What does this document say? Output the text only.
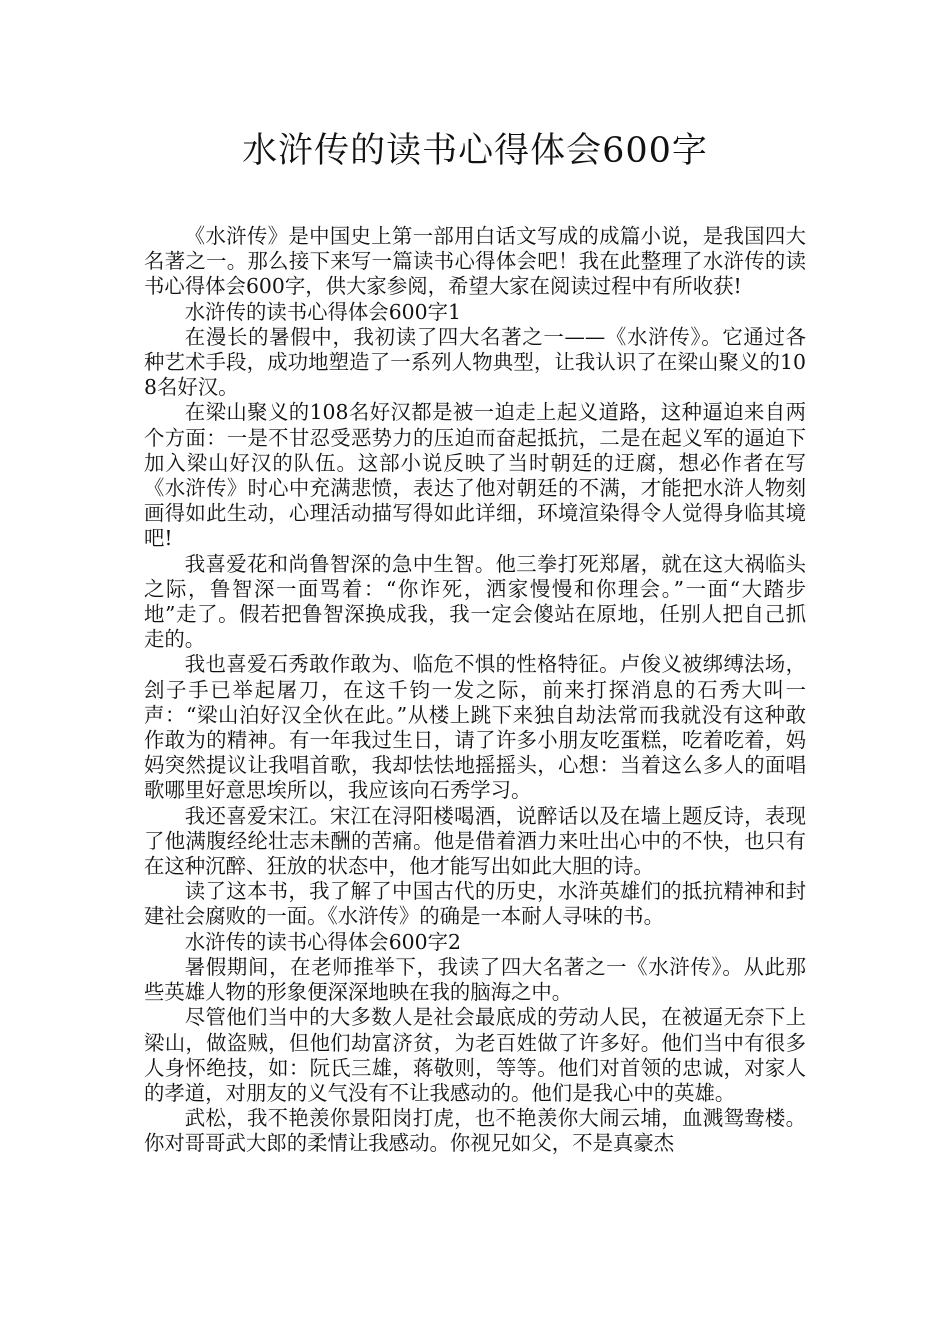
水浒传的读书心得体会600字

《水浒传》是中国史上第一部用白话文写成的成篇小说，是我国四大名著之一。那么接下来写一篇读书心得体会吧！我在此整理了水浒传的读书心得体会600字，供大家参阅，希望大家在阅读过程中有所收获!

水浒传的读书心得体会600字1

在漫长的暑假中，我初读了四大名著之一——《水浒传》。它通过各种艺术手段，成功地塑造了一系列人物典型，让我认识了在梁山聚义的108名好汉。

在梁山聚义的108名好汉都是被一迫走上起义道路，这种逼迫来自两个方面：一是不甘忍受恶势力的压迫而奋起抵抗，二是在起义军的逼迫下加入梁山好汉的队伍。这部小说反映了当时朝廷的迂腐，想必作者在写《水浒传》时心中充满悲愤，表达了他对朝廷的不满，才能把水浒人物刻画得如此生动，心理活动描写得如此详细，环境渲染得令人觉得身临其境吧!

我喜爱花和尚鲁智深的急中生智。他三拳打死郑屠，就在这大祸临头之际，鲁智深一面骂着：“你诈死，洒家慢慢和你理会。”一面“大踏步地”走了。假若把鲁智深换成我，我一定会傻站在原地，任别人把自己抓走的。

我也喜爱石秀敢作敢为、临危不惧的性格特征。卢俊义被绑缚法场，刽子手已举起屠刀，在这千钧一发之际，前来打探消息的石秀大叫一声：“梁山泊好汉全伙在此。”从楼上跳下来独自劫法常而我就没有这种敢作敢为的精神。有一年我过生日，请了许多小朋友吃蛋糕，吃着吃着，妈妈突然提议让我唱首歌，我却怯怯地摇摇头，心想：当着这么多人的面唱歌哪里好意思埃所以，我应该向石秀学习。

我还喜爱宋江。宋江在浔阳楼喝酒，说醉话以及在墙上题反诗，表现了他满腹经纶壮志未酬的苦痛。他是借着酒力来吐出心中的不快，也只有在这种沉醉、狂放的状态中，他才能写出如此大胆的诗。

读了这本书，我了解了中国古代的历史，水浒英雄们的抵抗精神和封建社会腐败的一面。《水浒传》的确是一本耐人寻味的书。

水浒传的读书心得体会600字2

暑假期间，在老师推举下，我读了四大名著之一《水浒传》。从此那些英雄人物的形象便深深地映在我的脑海之中。

尽管他们当中的大多数人是社会最底成的劳动人民，在被逼无奈下上梁山，做盗贼，但他们劫富济贫，为老百姓做了许多好。他们当中有很多人身怀绝技，如：阮氏三雄，蒋敬则，等等。他们对首领的忠诚，对家人的孝道，对朋友的义气没有不让我感动的。他们是我心中的英雄。

武松，我不艳羡你景阳岗打虎，也不艳羡你大闹云埔，血溅鸳鸯楼。你对哥哥武大郎的柔情让我感动。你视兄如父，不是真豪杰
